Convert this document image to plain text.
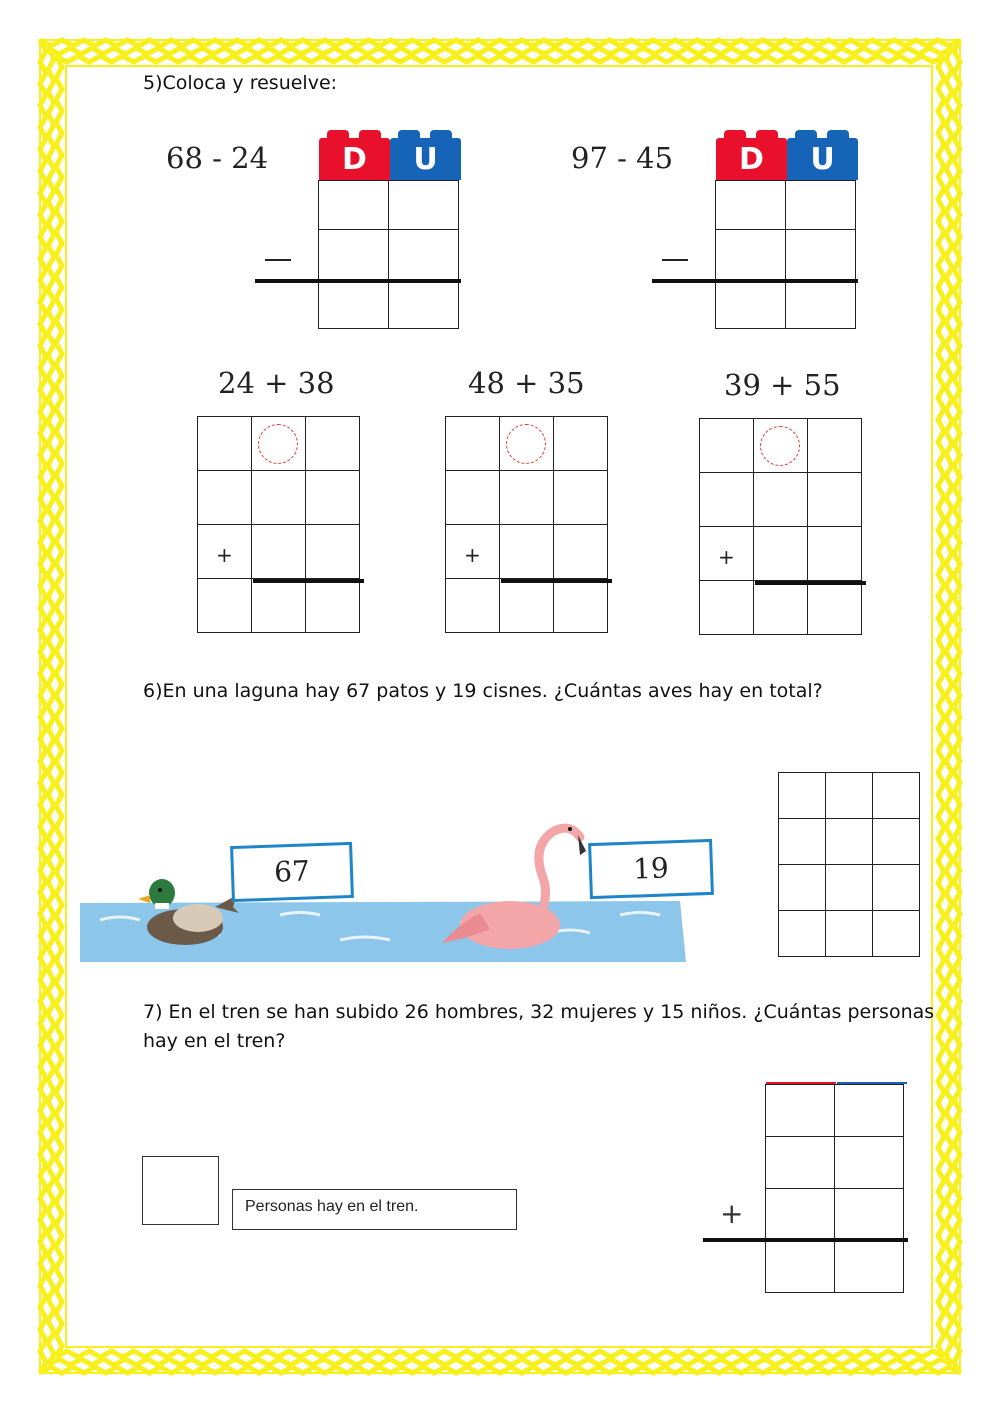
5)Coloca y resuelve:
68 - 24	D	U

		97 - 45	D	U

24 + 38

+
48 + 35

+
39 + 55

+
6)En una laguna hay 67 patos y 19 cisnes. ¿Cuántas aves hay en total?
67	19

7) En el tren se han subido 26 hombres, 32 mujeres y 15 niños. ¿Cuántas personas
hay en el tren?
Personas hay en el tren.

		+
